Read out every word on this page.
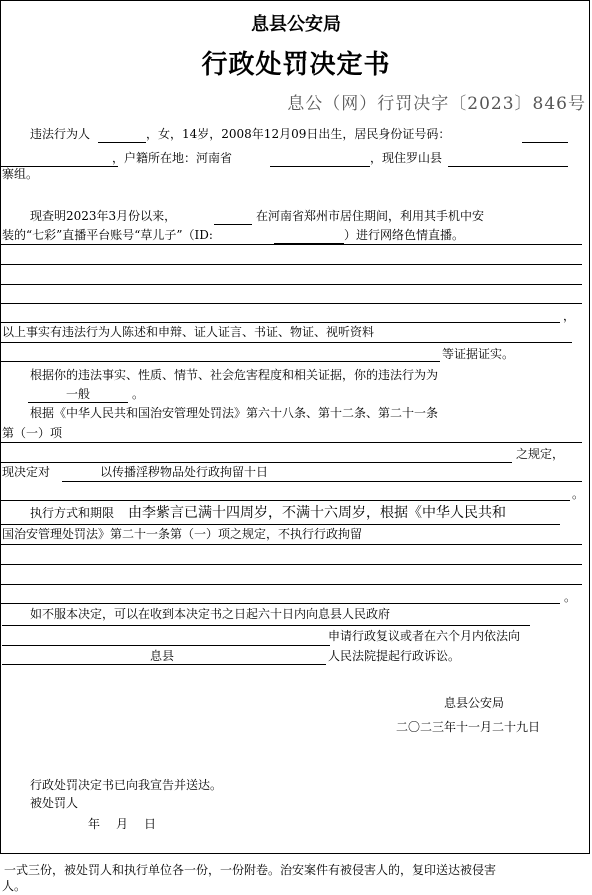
息县公安局
行政处罚决定书
息公（网）行罚决字〔2023〕846号
违法行为人	，女，14岁，2008年12月09日出生，居民身份证号码：
，户籍所在地：河南省	，现住罗山县
寨组。
现查明2023年3月份以来，	在河南省郑州市居住期间，利用其手机中安
装的“七彩”直播平台账号“草儿子”（ID:	）进行网络色情直播。
，
以上事实有违法行为人陈述和申辩、证人证言、书证、物证、视听资料
等证据证实。
根据你的违法事实、性质、情节、社会危害程度和相关证据，你的违法行为为
一般	。
根据《中华人民共和国治安管理处罚法》第六十八条、第十二条、第二十一条
第（一）项
之规定，
现决定对	以传播淫秽物品处行政拘留十日
。
执行方式和期限 由李紫言已满十四周岁，不满十六周岁，根据《中华人民共和
国治安管理处罚法》第二十一条第（一）项之规定，不执行行政拘留
。
如不服本决定，可以在收到本决定书之日起六十日内向息县人民政府
申请行政复议或者在六个月内依法向
息县	人民法院提起行政诉讼。
息县公安局
二〇二三年十一月二十九日
行政处罚决定书已向我宣告并送达。
被处罚人
年 月 日
一式三份，被处罚人和执行单位各一份，一份附卷。治安案件有被侵害人的，复印送达被侵害
人。
